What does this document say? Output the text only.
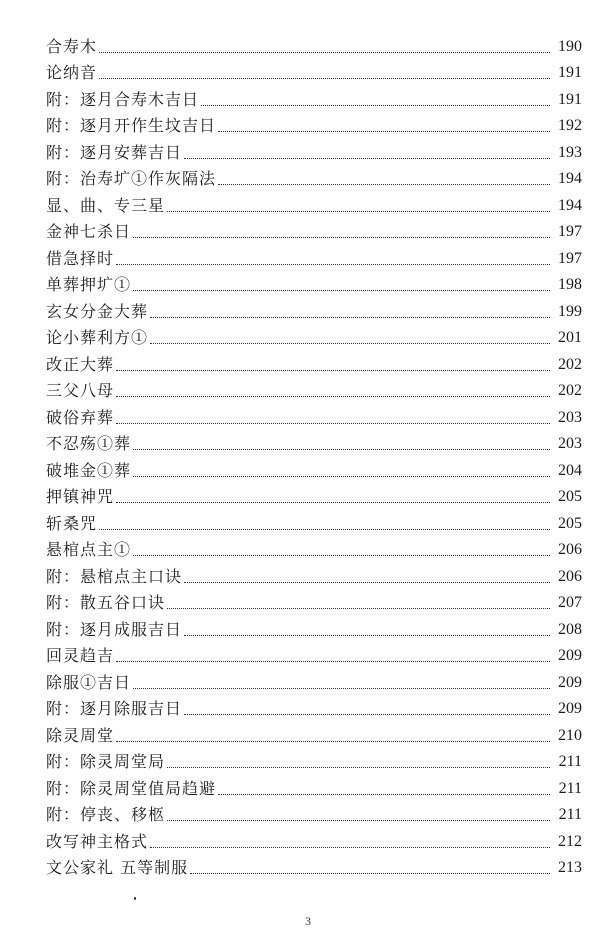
合寿木	190
论纳音	191
附：逐月合寿木吉日	191
附：逐月开作生坟吉日	192
附：逐月安葬吉日	193
附：治寿圹①作灰隔法	194
显、曲、专三星	194
金神七杀日	197
借急择时	197
单葬押圹①	198
玄女分金大葬	199
论小葬利方①	201
改正大葬	202
三父八母	202
破俗弃葬	203
不忍殇①葬	203
破堆金①葬	204
押镇神咒	205
斩桑咒	205
悬棺点主①	206
附：悬棺点主口诀	206
附：散五谷口诀	207
附：逐月成服吉日	208
回灵趋吉	209
除服①吉日	209
附：逐月除服吉日	209
除灵周堂	210
附：除灵周堂局	211
附：除灵周堂值局趋避	211
附：停丧、移柩	211
改写神主格式	212
文公家礼 五等制服	213
3
